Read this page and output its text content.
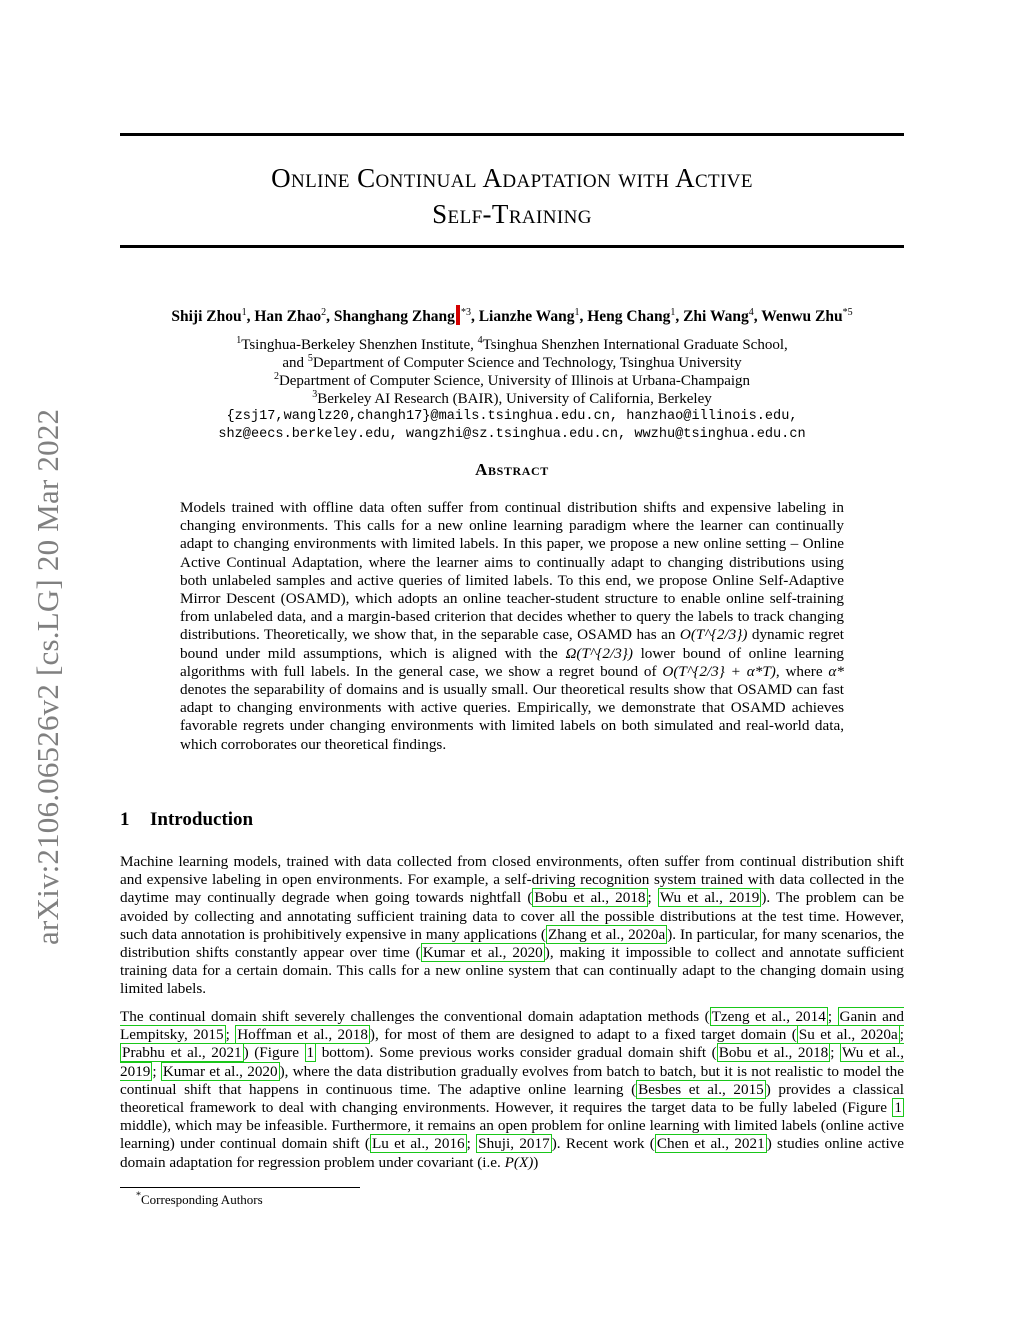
arXiv:2106.06526v2 [cs.LG] 20 Mar 2022
Online Continual Adaptation with Active
Self-Training
Shiji Zhou$^1$, Han Zhao$^2$, Shanghang Zhang $^{*3}$, Lianzhe Wang$^1$, Heng Chang$^1$, Zhi Wang$^4$, Wenwu Zhu$^{*5}$
$^1$Tsinghua-Berkeley Shenzhen Institute, $^4$Tsinghua Shenzhen International Graduate School,
and $^5$Department of Computer Science and Technology, Tsinghua University
$^2$Department of Computer Science, University of Illinois at Urbana-Champaign
$^3$Berkeley AI Research (BAIR), University of California, Berkeley
{zsj17,wanglz20,changh17}@mails.tsinghua.edu.cn, hanzhao@illinois.edu,
shz@eecs.berkeley.edu, wangzhi@sz.tsinghua.edu.cn, wwzhu@tsinghua.edu.cn
Abstract
Models trained with offline data often suffer from continual distribution shifts and expensive labeling in changing environments. This calls for a new online learning paradigm where the learner can continually adapt to changing environments with limited labels. In this paper, we propose a new online setting – Online Active Continual Adaptation, where the learner aims to continually adapt to changing distributions using both unlabeled samples and active queries of limited labels. To this end, we propose Online Self-Adaptive Mirror Descent (OSAMD), which adopts an online teacher-student structure to enable online self-training from unlabeled data, and a margin-based criterion that decides whether to query the labels to track changing distributions. Theoretically, we show that, in the separable case, OSAMD has an O(T^{2/3}) dynamic regret bound under mild assumptions, which is aligned with the Ω(T^{2/3}) lower bound of online learning algorithms with full labels. In the general case, we show a regret bound of O(T^{2/3} + α*T), where α* denotes the separability of domains and is usually small. Our theoretical results show that OSAMD can fast adapt to changing environments with active queries. Empirically, we demonstrate that OSAMD achieves favorable regrets under changing environments with limited labels on both simulated and real-world data, which corroborates our theoretical findings.
1 Introduction
Machine learning models, trained with data collected from closed environments, often suffer from continual distribution shift and expensive labeling in open environments. For example, a self-driving recognition system trained with data collected in the daytime may continually degrade when going towards nightfall ( Bobu et al., 2018 ; Wu et al., 2019 ). The problem can be avoided by collecting and annotating sufficient training data to cover all the possible distributions at the test time. However, such data annotation is prohibitively expensive in many applications ( Zhang et al., 2020a ). In particular, for many scenarios, the distribution shifts constantly appear over time ( Kumar et al., 2020 ), making it impossible to collect and annotate sufficient training data for a certain domain. This calls for a new online system that can continually adapt to the changing domain using limited labels.
The continual domain shift severely challenges the conventional domain adaptation methods ( Tzeng et al., 2014 ; Ganin and Lempitsky, 2015 ; Hoffman et al., 2018 ), for most of them are designed to adapt to a fixed target domain ( Su et al., 2020a ; Prabhu et al., 2021 ) (Figure 1 bottom). Some previous works consider gradual domain shift ( Bobu et al., 2018 ; Wu et al., 2019 ; Kumar et al., 2020 ), where the data distribution gradually evolves from batch to batch, but it is not realistic to model the continual shift that happens in continuous time. The adaptive online learning ( Besbes et al., 2015 ) provides a classical theoretical framework to deal with changing environments. However, it requires the target data to be fully labeled (Figure 1 middle), which may be infeasible. Furthermore, it remains an open problem for online learning with limited labels (online active learning) under continual domain shift ( Lu et al., 2016 ; Shuji, 2017 ). Recent work ( Chen et al., 2021 ) studies online active domain adaptation for regression problem under covariant (i.e. P(X))
*Corresponding Authors
